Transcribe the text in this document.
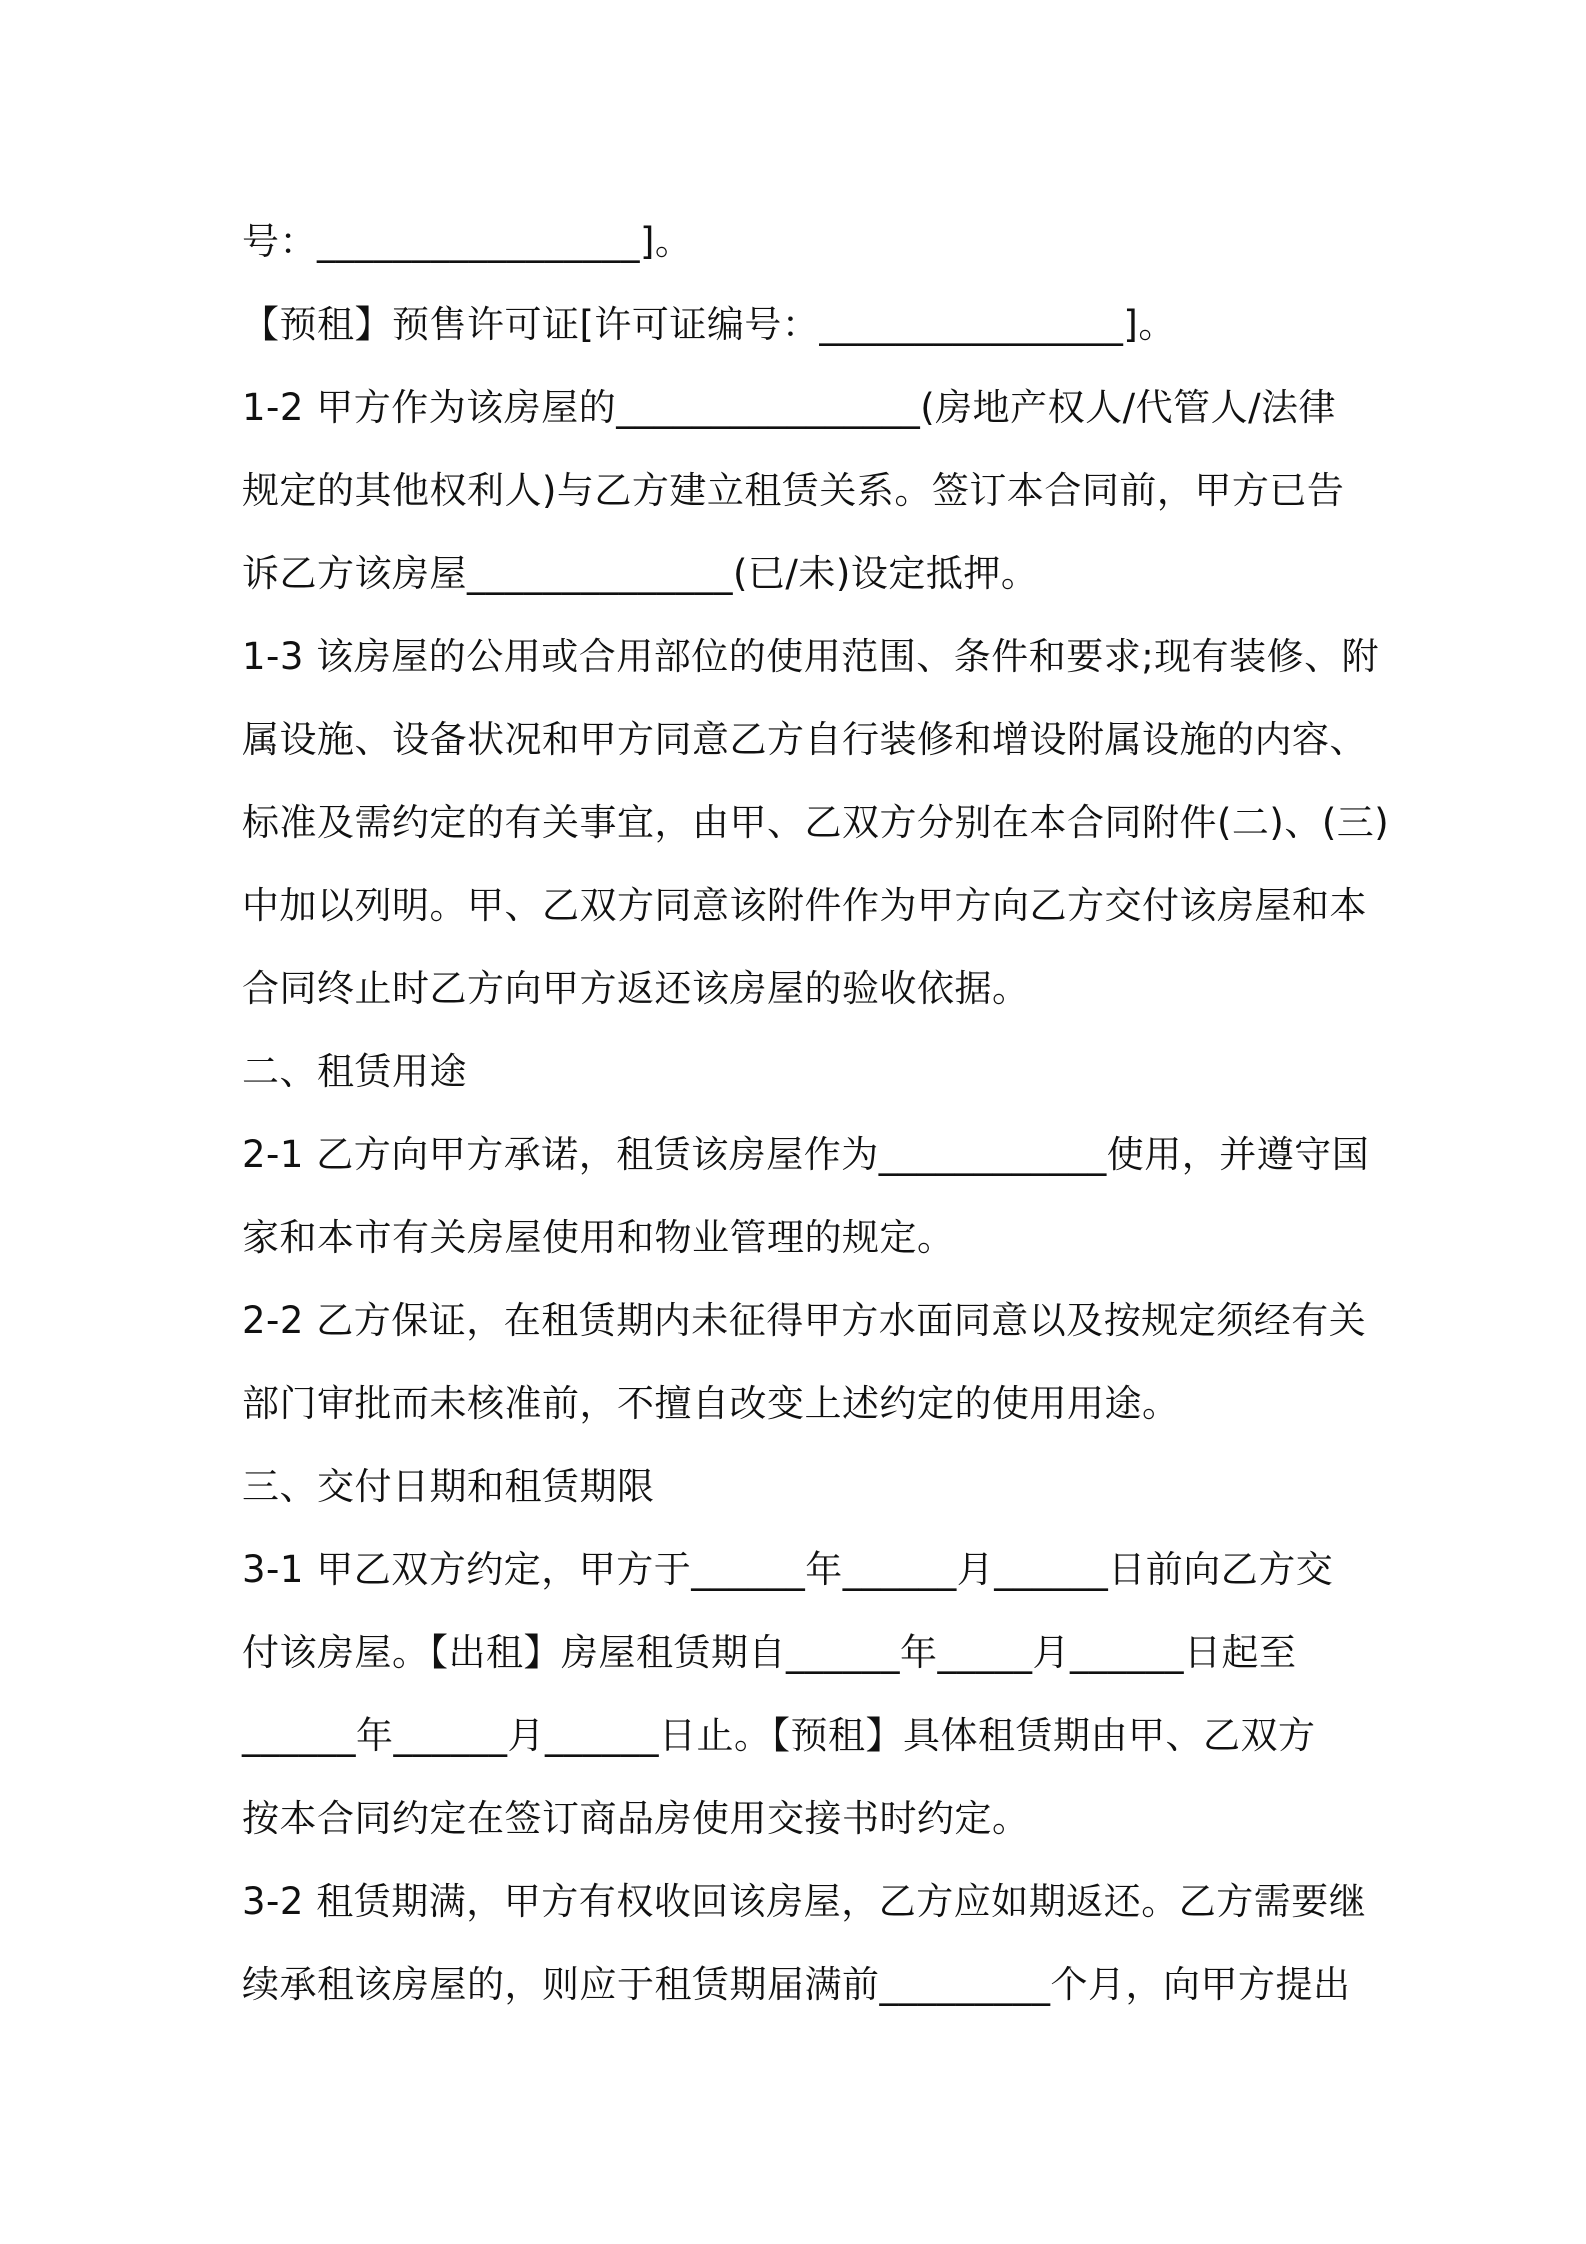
号：_________________]。
【预租】预售许可证[许可证编号：________________]。
1-2 甲方作为该房屋的________________(房地产权人/代管人/法律
规定的其他权利人)与乙方建立租赁关系。签订本合同前，甲方已告
诉乙方该房屋______________(已/未)设定抵押。
1-3 该房屋的公用或合用部位的使用范围、条件和要求;现有装修、附
属设施、设备状况和甲方同意乙方自行装修和增设附属设施的内容、
标准及需约定的有关事宜，由甲、乙双方分别在本合同附件(二)、(三)
中加以列明。甲、乙双方同意该附件作为甲方向乙方交付该房屋和本
合同终止时乙方向甲方返还该房屋的验收依据。
二、租赁用途
2-1 乙方向甲方承诺，租赁该房屋作为____________使用，并遵守国
家和本市有关房屋使用和物业管理的规定。
2-2 乙方保证，在租赁期内未征得甲方水面同意以及按规定须经有关
部门审批而未核准前，不擅自改变上述约定的使用用途。
三、交付日期和租赁期限
3-1 甲乙双方约定，甲方于______年______月______日前向乙方交
付该房屋。【出租】房屋租赁期自______年_____月______日起至
______年______月______日止。【预租】具体租赁期由甲、乙双方
按本合同约定在签订商品房使用交接书时约定。
3-2 租赁期满，甲方有权收回该房屋，乙方应如期返还。乙方需要继
续承租该房屋的，则应于租赁期届满前_________个月，向甲方提出
